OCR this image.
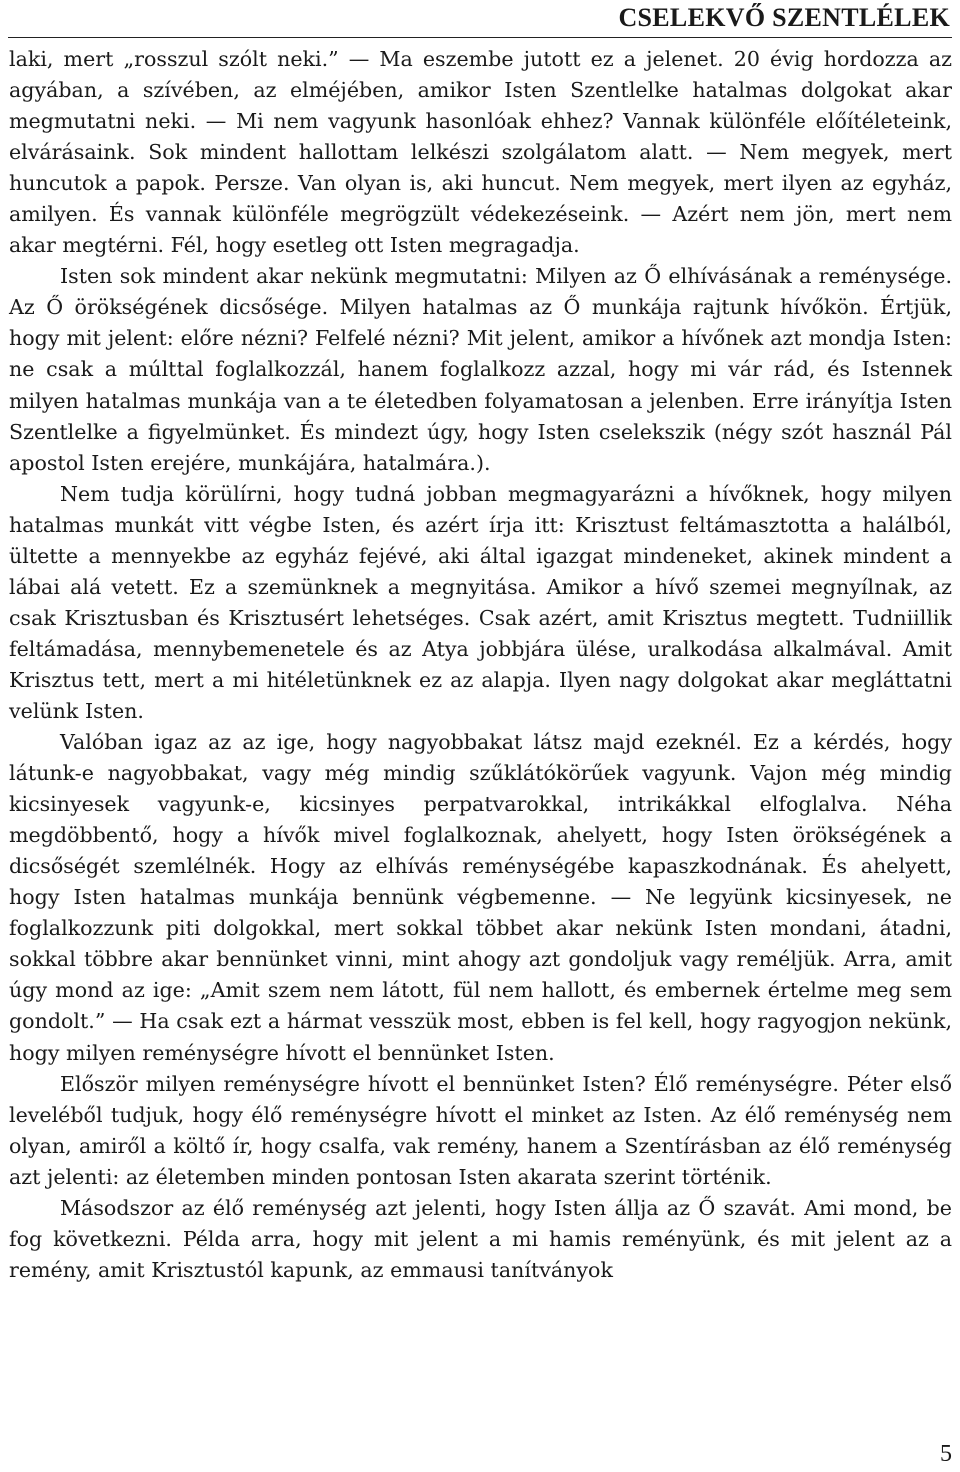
CSELEKVŐ SZENTLÉLEK

laki, mert „rosszul szólt neki.” — Ma eszembe jutott ez a jelenet. 20 évig hordozza az agyában, a szívében, az elméjében, amikor Isten Szentlelke hatalmas dolgokat akar megmutatni neki. — Mi nem vagyunk hasonlóak ehhez? Vannak különféle előítéleteink, elvárásaink. Sok mindent hallottam lelkészi szolgálatom alatt. — Nem megyek, mert huncutok a papok. Persze. Van olyan is, aki huncut. Nem megyek, mert ilyen az egyház, amilyen. És vannak különféle megrögzült védekezéseink. — Azért nem jön, mert nem akar megtérni. Fél, hogy esetleg ott Isten megragadja.

Isten sok mindent akar nekünk megmutatni: Milyen az Ő elhívásának a reménysége. Az Ő örökségének dicsősége. Milyen hatalmas az Ő munkája rajtunk hívőkön. Értjük, hogy mit jelent: előre nézni? Felfelé nézni? Mit jelent, amikor a hívőnek azt mondja Isten: ne csak a múlttal foglalkozzál, hanem foglalkozz azzal, hogy mi vár rád, és Istennek milyen hatalmas munkája van a te életedben folyamatosan a jelenben. Erre irányítja Isten Szentlelke a figyelmünket. És mindezt úgy, hogy Isten cselekszik (négy szót használ Pál apostol Isten erejére, munkájára, hatalmára.).

Nem tudja körülírni, hogy tudná jobban megmagyarázni a hívőknek, hogy milyen hatalmas munkát vitt végbe Isten, és azért írja itt: Krisztust feltámasztotta a halálból, ültette a mennyekbe az egyház fejévé, aki által igazgat mindeneket, akinek mindent a lábai alá vetett. Ez a szemünknek a megnyitása. Amikor a hívő szemei megnyílnak, az csak Krisztusban és Krisztusért lehetséges. Csak azért, amit Krisztus megtett. Tudniillik feltámadása, mennybemenetele és az Atya jobbjára ülése, uralkodása alkalmával. Amit Krisztus tett, mert a mi hitéletünknek ez az alapja. Ilyen nagy dolgokat akar megláttatni velünk Isten.

Valóban igaz az az ige, hogy nagyobbakat látsz majd ezeknél. Ez a kérdés, hogy látunk-e nagyobbakat, vagy még mindig szűklátókörűek vagyunk. Vajon még mindig kicsinyesek vagyunk-e, kicsinyes perpatvarokkal, intrikákkal elfoglalva. Néha megdöbbentő, hogy a hívők mivel foglalkoznak, ahelyett, hogy Isten örökségének a dicsőségét szemlélnék. Hogy az elhívás reménységébe kapaszkodnának. És ahelyett, hogy Isten hatalmas munkája bennünk végbemenne. — Ne legyünk kicsinyesek, ne foglalkozzunk piti dolgokkal, mert sokkal többet akar nekünk Isten mondani, átadni, sokkal többre akar bennünket vinni, mint ahogy azt gondoljuk vagy reméljük. Arra, amit úgy mond az ige: „Amit szem nem látott, fül nem hallott, és embernek értelme meg sem gondolt.” — Ha csak ezt a hármat vesszük most, ebben is fel kell, hogy ragyogjon nekünk, hogy milyen reménységre hívott el bennünket Isten.

Először milyen reménységre hívott el bennünket Isten? Élő reménységre. Péter első leveléből tudjuk, hogy élő reménységre hívott el minket az Isten. Az élő reménység nem olyan, amiről a költő ír, hogy csalfa, vak remény, hanem a Szentírásban az élő reménység azt jelenti: az életemben minden pontosan Isten akarata szerint történik.

Másodszor az élő reménység azt jelenti, hogy Isten állja az Ő szavát. Ami mond, be fog következni. Példa arra, hogy mit jelent a mi hamis reményünk, és mit jelent az a remény, amit Krisztustól kapunk, az emmausi tanítványok

5
